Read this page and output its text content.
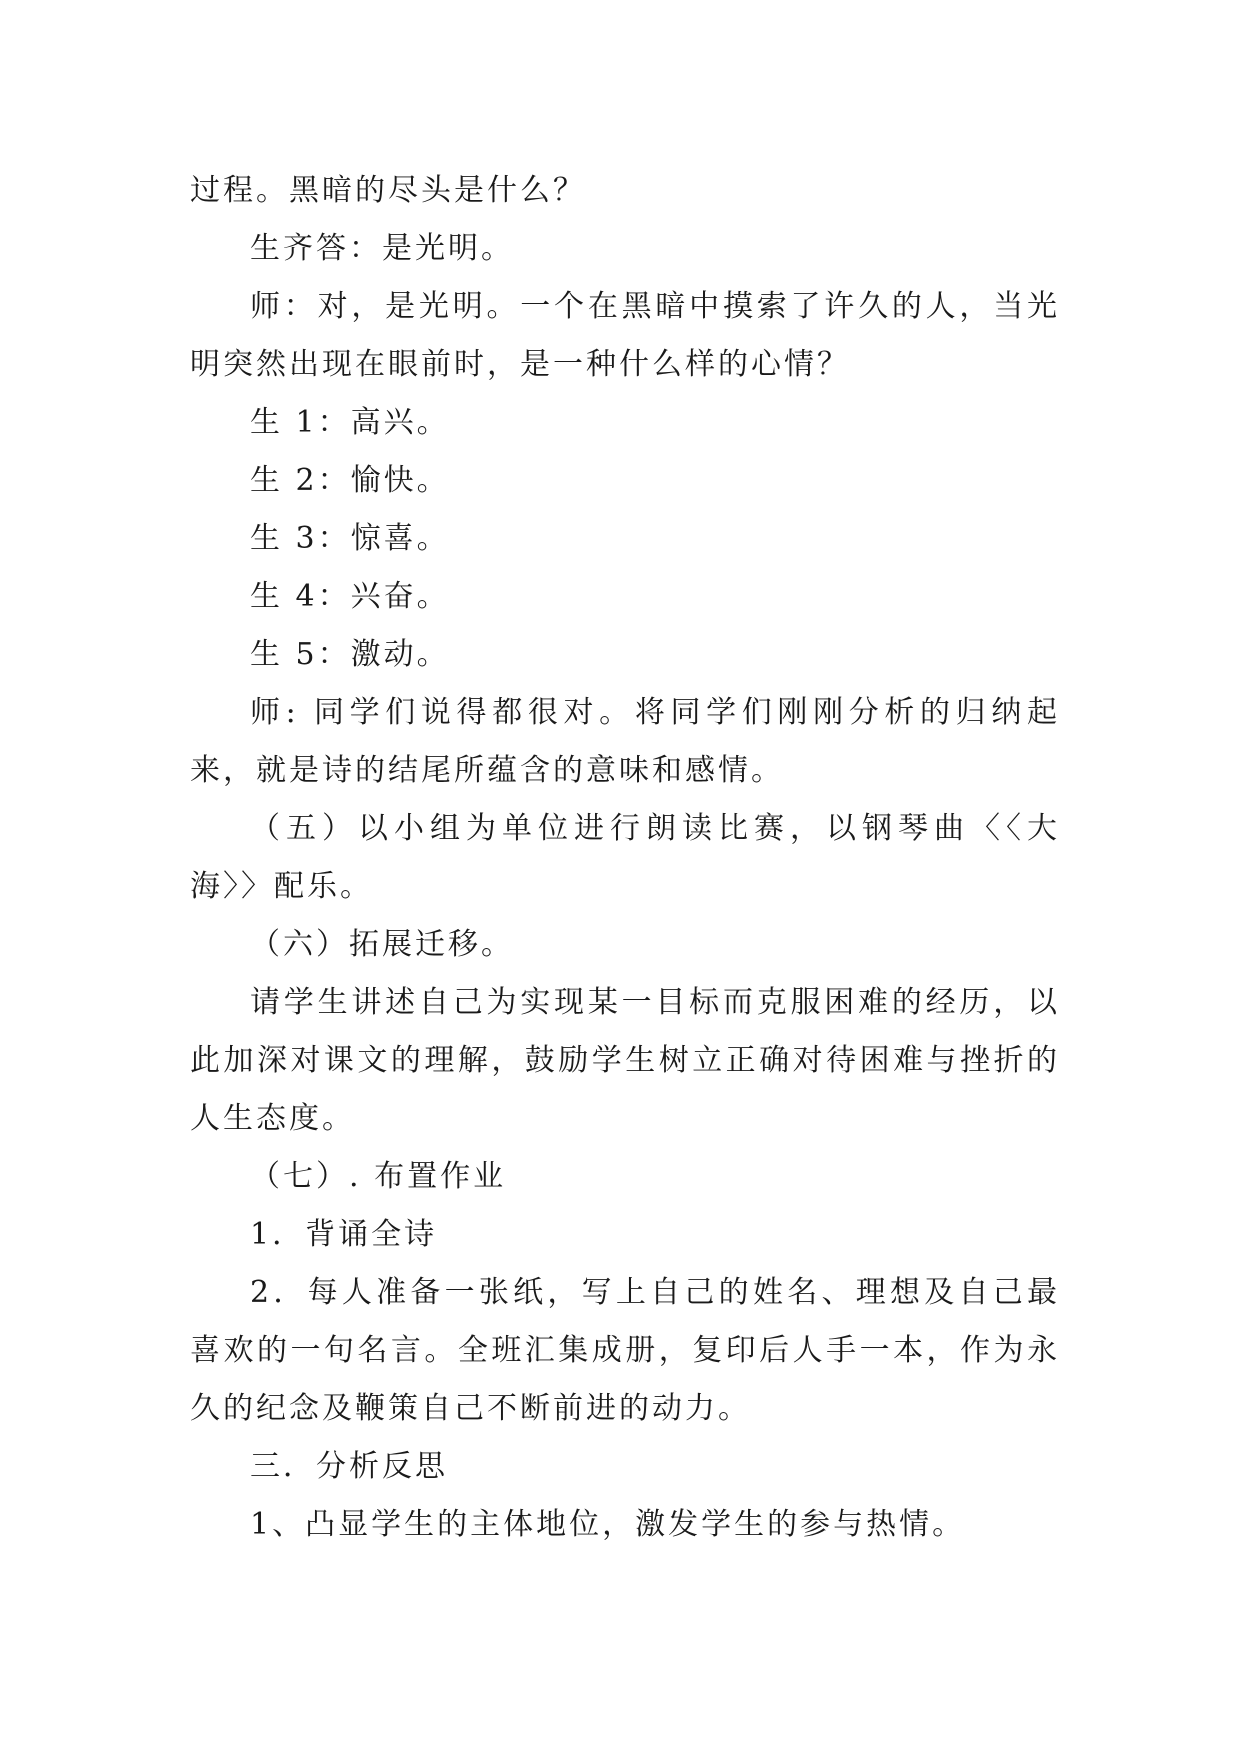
过程。黑暗的尽头是什么？

生齐答：是光明。

师：对，是光明。一个在黑暗中摸索了许久的人，当光明突然出现在眼前时，是一种什么样的心情？

生 1：高兴。

生 2：愉快。

生 3：惊喜。

生 4：兴奋。

生 5：激动。

师: 同学们说得都很对。将同学们刚刚分析的归纳起来，就是诗的结尾所蕴含的意味和感情。

（五）以小组为单位进行朗读比赛，以钢琴曲〈〈大海〉〉配乐。

（六）拓展迁移。

请学生讲述自己为实现某一目标而克服困难的经历，以此加深对课文的理解，鼓励学生树立正确对待困难与挫折的人生态度。

（七）. 布置作业

1．背诵全诗

2．每人准备一张纸，写上自己的姓名、理想及自己最喜欢的一句名言。全班汇集成册，复印后人手一本，作为永久的纪念及鞭策自己不断前进的动力。

三．分析反思

1、凸显学生的主体地位，激发学生的参与热情。
